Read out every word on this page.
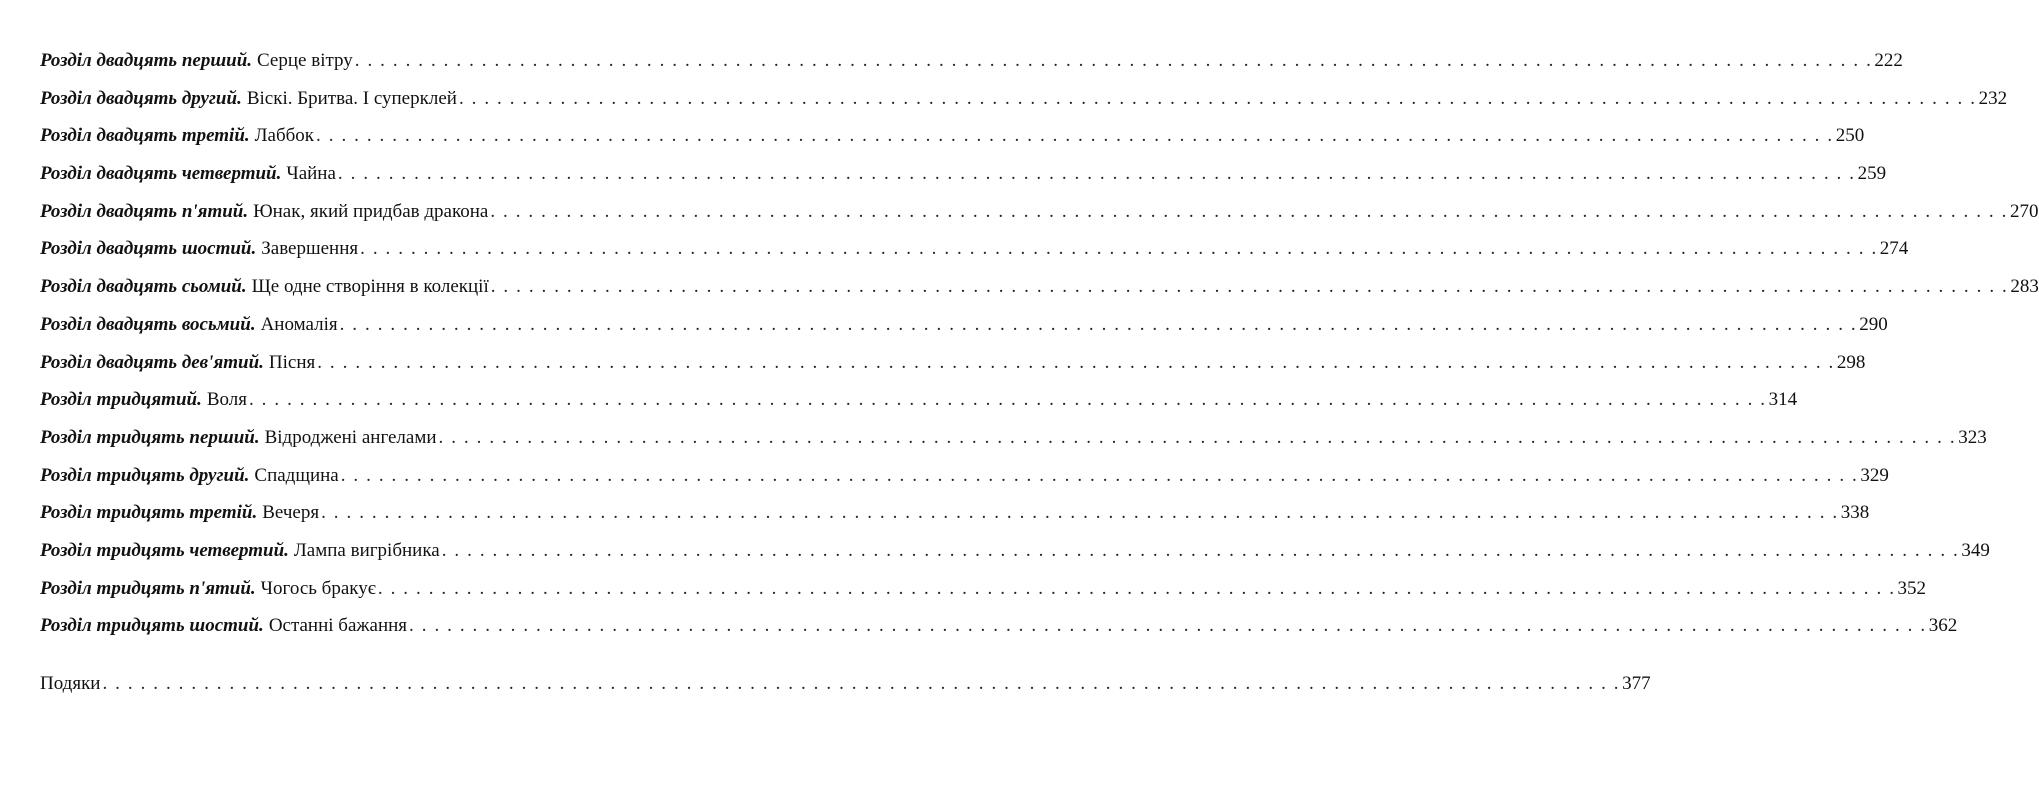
Розділ двадцять перший. Серце вітру . . . . . . . . . . . . . . . . . . . . . . . . . . . . . . . . . . . . . . . . . . . . . . . . . . . . . . . . . . . . . . . . . . . . . . . . . . . . . . . . . . . . . . . . . . . . . . . . . . . . . . . . . . . . . . . . . . . . . . . . 222
Розділ двадцять другий. Віскі. Бритва. І суперклей . . . . . . . . . . . . . . . . . . . . . . . . . . . . . . . . . . . . . . . . . . . . . . . . . . . . . . . . . . . . . . . . . . . . . . . . . . . . . . . . . . . . . . . . . . . . . . . . . . . . . . . . . . . . . . . . . . . . . . . . 232
Розділ двадцять третій. Лаббок . . . . . . . . . . . . . . . . . . . . . . . . . . . . . . . . . . . . . . . . . . . . . . . . . . . . . . . . . . . . . . . . . . . . . . . . . . . . . . . . . . . . . . . . . . . . . . . . . . . . . . . . . . . . . . . . . . . . . . . . 250
Розділ двадцять четвертий. Чайна . . . . . . . . . . . . . . . . . . . . . . . . . . . . . . . . . . . . . . . . . . . . . . . . . . . . . . . . . . . . . . . . . . . . . . . . . . . . . . . . . . . . . . . . . . . . . . . . . . . . . . . . . . . . . . . . . . . . . . . . 259
Розділ двадцять п'ятий. Юнак, який придбав дракона . . . . . . . . . . . . . . . . . . . . . . . . . . . . . . . . . . . . . . . . . . . . . . . . . . . . . . . . . . . . . . . . . . . . . . . . . . . . . . . . . . . . . . . . . . . . . . . . . . . . . . . . . . . . . . . . . . . . . . . . 270
Розділ двадцять шостий. Завершення . . . . . . . . . . . . . . . . . . . . . . . . . . . . . . . . . . . . . . . . . . . . . . . . . . . . . . . . . . . . . . . . . . . . . . . . . . . . . . . . . . . . . . . . . . . . . . . . . . . . . . . . . . . . . . . . . . . . . . . . 274
Розділ двадцять сьомий. Ще одне створіння в колекції . . . . . . . . . . . . . . . . . . . . . . . . . . . . . . . . . . . . . . . . . . . . . . . . . . . . . . . . . . . . . . . . . . . . . . . . . . . . . . . . . . . . . . . . . . . . . . . . . . . . . . . . . . . . . . . . . . . . . . . . 283
Розділ двадцять восьмий. Аномалія . . . . . . . . . . . . . . . . . . . . . . . . . . . . . . . . . . . . . . . . . . . . . . . . . . . . . . . . . . . . . . . . . . . . . . . . . . . . . . . . . . . . . . . . . . . . . . . . . . . . . . . . . . . . . . . . . . . . . . . . 290
Розділ двадцять дев'ятий. Пісня . . . . . . . . . . . . . . . . . . . . . . . . . . . . . . . . . . . . . . . . . . . . . . . . . . . . . . . . . . . . . . . . . . . . . . . . . . . . . . . . . . . . . . . . . . . . . . . . . . . . . . . . . . . . . . . . . . . . . . . . 298
Розділ тридцятий. Воля . . . . . . . . . . . . . . . . . . . . . . . . . . . . . . . . . . . . . . . . . . . . . . . . . . . . . . . . . . . . . . . . . . . . . . . . . . . . . . . . . . . . . . . . . . . . . . . . . . . . . . . . . . . . . . . . . . . . . . . . 314
Розділ тридцять перший. Відроджені ангелами . . . . . . . . . . . . . . . . . . . . . . . . . . . . . . . . . . . . . . . . . . . . . . . . . . . . . . . . . . . . . . . . . . . . . . . . . . . . . . . . . . . . . . . . . . . . . . . . . . . . . . . . . . . . . . . . . . . . . . . . 323
Розділ тридцять другий. Спадщина . . . . . . . . . . . . . . . . . . . . . . . . . . . . . . . . . . . . . . . . . . . . . . . . . . . . . . . . . . . . . . . . . . . . . . . . . . . . . . . . . . . . . . . . . . . . . . . . . . . . . . . . . . . . . . . . . . . . . . . . 329
Розділ тридцять третій. Вечеря . . . . . . . . . . . . . . . . . . . . . . . . . . . . . . . . . . . . . . . . . . . . . . . . . . . . . . . . . . . . . . . . . . . . . . . . . . . . . . . . . . . . . . . . . . . . . . . . . . . . . . . . . . . . . . . . . . . . . . . . 338
Розділ тридцять четвертий. Лампа вигрібника . . . . . . . . . . . . . . . . . . . . . . . . . . . . . . . . . . . . . . . . . . . . . . . . . . . . . . . . . . . . . . . . . . . . . . . . . . . . . . . . . . . . . . . . . . . . . . . . . . . . . . . . . . . . . . . . . . . . . . . . 349
Розділ тридцять п'ятий. Чогось бракує . . . . . . . . . . . . . . . . . . . . . . . . . . . . . . . . . . . . . . . . . . . . . . . . . . . . . . . . . . . . . . . . . . . . . . . . . . . . . . . . . . . . . . . . . . . . . . . . . . . . . . . . . . . . . . . . . . . . . . . . 352
Розділ тридцять шостий. Останні бажання . . . . . . . . . . . . . . . . . . . . . . . . . . . . . . . . . . . . . . . . . . . . . . . . . . . . . . . . . . . . . . . . . . . . . . . . . . . . . . . . . . . . . . . . . . . . . . . . . . . . . . . . . . . . . . . . . . . . . . . . 362
Подяки . . . . . . . . . . . . . . . . . . . . . . . . . . . . . . . . . . . . . . . . . . . . . . . . . . . . . . . . . . . . . . . . . . . . . . . . . . . . . . . . . . . . . . . . . . . . . . . . . . . . . . . . . . . . . . . . . . . . . . . . 377
